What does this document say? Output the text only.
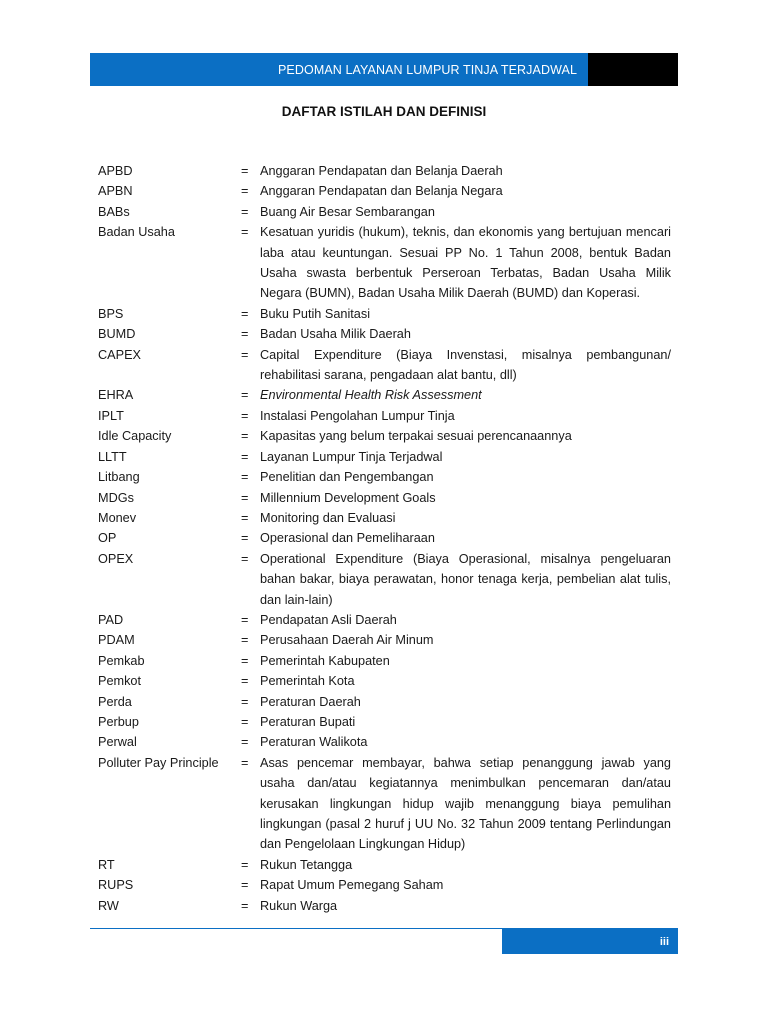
PEDOMAN LAYANAN LUMPUR TINJA TERJADWAL
DAFTAR ISTILAH DAN DEFINISI
APBD	= Anggaran Pendapatan dan Belanja Daerah
APBN	= Anggaran Pendapatan dan Belanja Negara
BABs	= Buang Air Besar Sembarangan
Badan Usaha	= Kesatuan yuridis (hukum), teknis, dan ekonomis yang bertujuan mencari laba atau keuntungan. Sesuai PP No. 1 Tahun 2008, bentuk Badan Usaha swasta berbentuk Perseroan Terbatas, Badan Usaha Milik Negara (BUMN), Badan Usaha Milik Daerah (BUMD) dan Koperasi.
BPS	= Buku Putih Sanitasi
BUMD	= Badan Usaha Milik Daerah
CAPEX	= Capital Expenditure (Biaya Invenstasi, misalnya pembangunan/ rehabilitasi sarana, pengadaan alat bantu, dll)
EHRA	= Environmental Health Risk Assessment
IPLT	= Instalasi Pengolahan Lumpur Tinja
Idle Capacity	= Kapasitas yang belum terpakai sesuai perencanaannya
LLTT	= Layanan Lumpur Tinja Terjadwal
Litbang	= Penelitian dan Pengembangan
MDGs	= Millennium Development Goals
Monev	= Monitoring dan Evaluasi
OP	= Operasional dan Pemeliharaan
OPEX	= Operational Expenditure (Biaya Operasional, misalnya pengeluaran bahan bakar, biaya perawatan, honor tenaga kerja, pembelian alat tulis, dan lain-lain)
PAD	= Pendapatan Asli Daerah
PDAM	= Perusahaan Daerah Air Minum
Pemkab	= Pemerintah Kabupaten
Pemkot	= Pemerintah Kota
Perda	= Peraturan Daerah
Perbup	= Peraturan Bupati
Perwal	= Peraturan Walikota
Polluter Pay Principle	= Asas pencemar membayar, bahwa setiap penanggung jawab yang usaha dan/atau kegiatannya menimbulkan pencemaran dan/atau kerusakan lingkungan hidup wajib menanggung biaya pemulihan lingkungan (pasal 2 huruf j UU No. 32 Tahun 2009 tentang Perlindungan dan Pengelolaan Lingkungan Hidup)
RT	= Rukun Tetangga
RUPS	= Rapat Umum Pemegang Saham
RW	= Rukun Warga
iii
